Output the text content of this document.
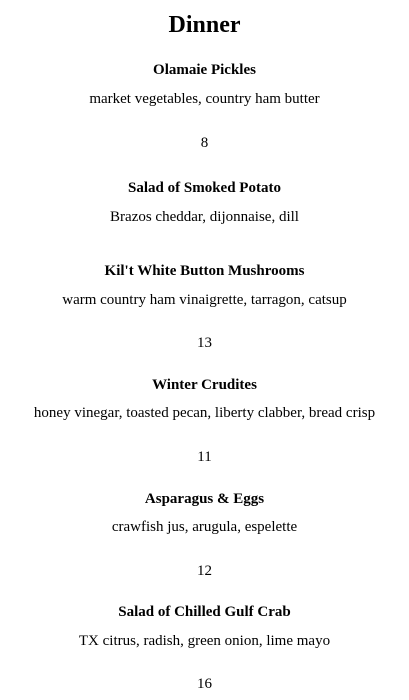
Dinner
Olamaie Pickles
market vegetables, country ham butter
8
Salad of Smoked Potato
Brazos cheddar, dijonnaise, dill
Kil't White Button Mushrooms
warm country ham vinaigrette, tarragon, catsup
13
Winter Crudites
honey vinegar, toasted pecan, liberty clabber, bread crisp
11
Asparagus & Eggs
crawfish jus, arugula, espelette
12
Salad of Chilled Gulf Crab
TX citrus, radish, green onion, lime mayo
16
